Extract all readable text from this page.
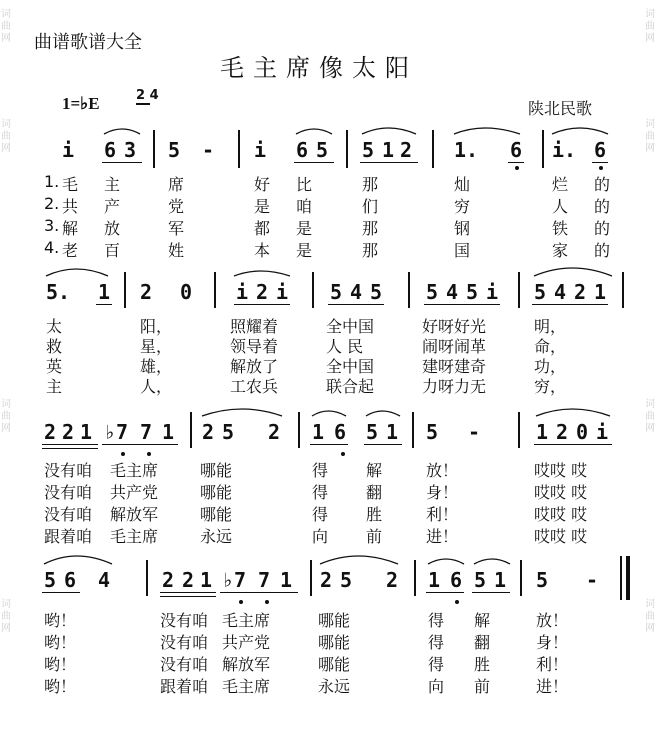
词
曲
网
词
曲
网
词
曲
网
词
曲
网
词
曲
网
词
曲
网
词
曲
网
词
曲
网
曲谱歌谱大全
毛主席像太阳
1=♭E	2 4
陕北民歌
i 6 3 5 - i 6 5 5 1 2 1. 6 i. 6
1. 毛 主	席	好 比	那	灿	烂 的
2. 共 产	党	是 咱	们	穷	人 的
3. 解 放	军	都 是	那	钢	铁 的
4. 老 百	姓	本 是	那	国	家 的
5. 1 2 0 i 2 i 5 4 5 5 4 5 i 5 4 2 1
太	阳，	照耀着	全中国	好呀好光	明，
救	星，	领导着	人 民	闹呀闹革	命，
英	雄，	解放了	全中国	建呀建奇	功，
主	人，	工农兵	联合起	力呀力无	穷，
2 2 1 ♭7 7 1 2 5 2 1 6 5 1 5 -	1 2 0 i
没有咱 毛主席	哪能	得 解	放！	哎哎 哎
没有咱 共产党	哪能	得 翻	身！	哎哎 哎
没有咱 解放军	哪能	得 胜	利！	哎哎 哎
跟着咱 毛主席	永远	向 前	进！	哎哎 哎
5 6 4	2 2 1 ♭7 7 1 2 5 2 1 6 5 1 5 -
哟！	没有咱 毛主席	哪能	得 解	放！
哟！	没有咱 共产党	哪能	得 翻	身！
哟！	没有咱 解放军	哪能	得 胜	利！
哟！	跟着咱 毛主席	永远	向 前	进！
